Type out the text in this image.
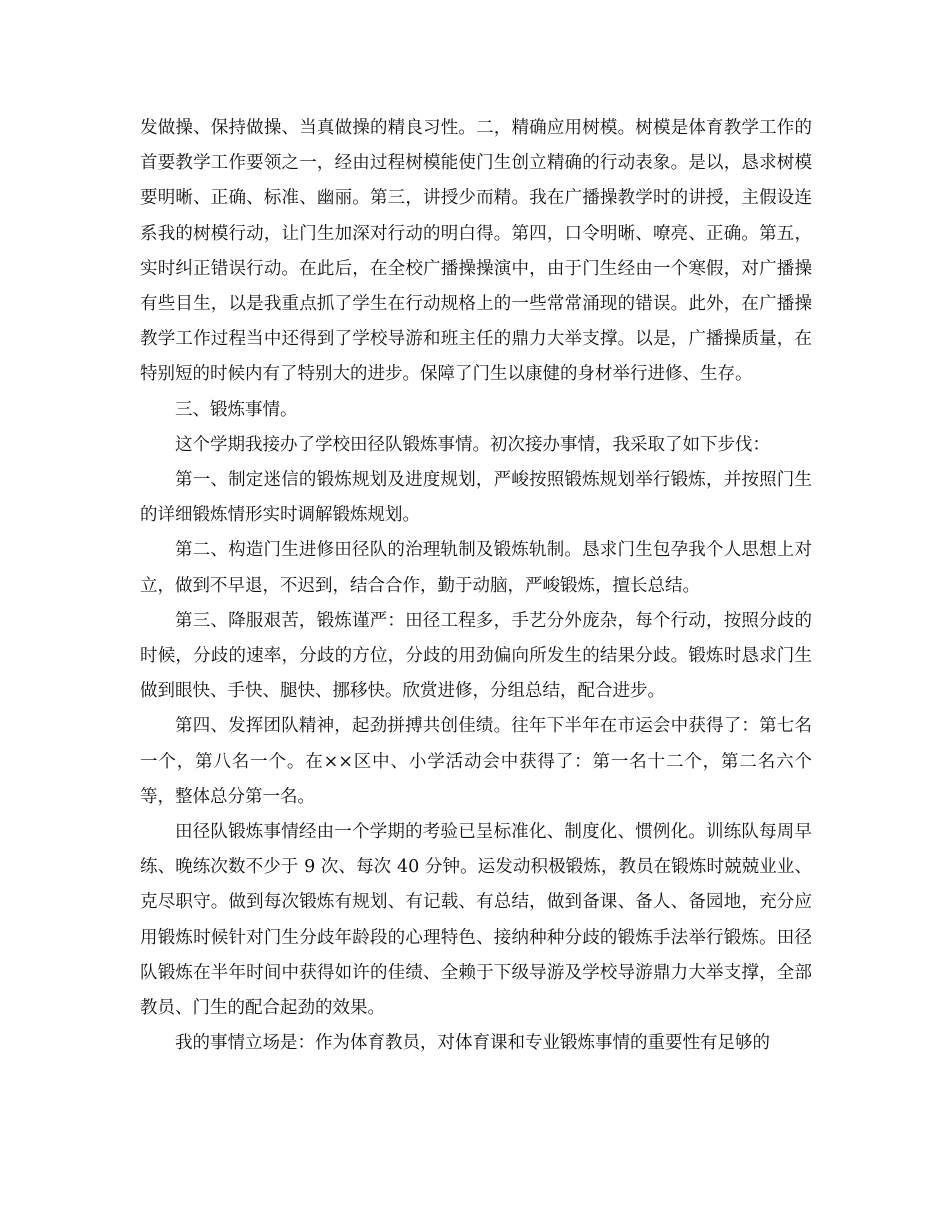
发做操、保持做操、当真做操的精良习性。二，精确应用树模。树模是体育教学工作的首要教学工作要领之一，经由过程树模能使门生创立精确的行动表象。是以，恳求树模要明晰、正确、标准、幽丽。第三，讲授少而精。我在广播操教学时的讲授，主假设连系我的树模行动，让门生加深对行动的明白得。第四，口令明晰、嘹亮、正确。第五，实时纠正错误行动。在此后，在全校广播操操演中，由于门生经由一个寒假，对广播操有些目生，以是我重点抓了学生在行动规格上的一些常常涌现的错误。此外，在广播操教学工作过程当中还得到了学校导游和班主任的鼎力大举支撑。以是，广播操质量，在特别短的时候内有了特别大的进步。保障了门生以康健的身材举行进修、生存。

三、锻炼事情。

这个学期我接办了学校田径队锻炼事情。初次接办事情，我采取了如下步伐：

第一、制定迷信的锻炼规划及进度规划，严峻按照锻炼规划举行锻炼，并按照门生的详细锻炼情形实时调解锻炼规划。

第二、构造门生进修田径队的治理轨制及锻炼轨制。恳求门生包孕我个人思想上对立，做到不早退，不迟到，结合合作，勤于动脑，严峻锻炼，擅长总结。

第三、降服艰苦，锻炼谨严：田径工程多，手艺分外庞杂，每个行动，按照分歧的时候，分歧的速率，分歧的方位，分歧的用劲偏向所发生的结果分歧。锻炼时恳求门生做到眼快、手快、腿快、挪移快。欣赏进修，分组总结，配合进步。

第四、发挥团队精神，起劲拼搏共创佳绩。往年下半年在市运会中获得了：第七名一个，第八名一个。在××区中、小学活动会中获得了：第一名十二个，第二名六个等，整体总分第一名。

田径队锻炼事情经由一个学期的考验已呈标准化、制度化、惯例化。训练队每周早练、晚练次数不少于 9 次、每次 40 分钟。运发动积极锻炼，教员在锻炼时兢兢业业、克尽职守。做到每次锻炼有规划、有记载、有总结，做到备课、备人、备园地，充分应用锻炼时候针对门生分歧年龄段的心理特色、接纳种种分歧的锻炼手法举行锻炼。田径队锻炼在半年时间中获得如许的佳绩、全赖于下级导游及学校导游鼎力大举支撑，全部教员、门生的配合起劲的效果。

我的事情立场是：作为体育教员，对体育课和专业锻炼事情的重要性有足够的
